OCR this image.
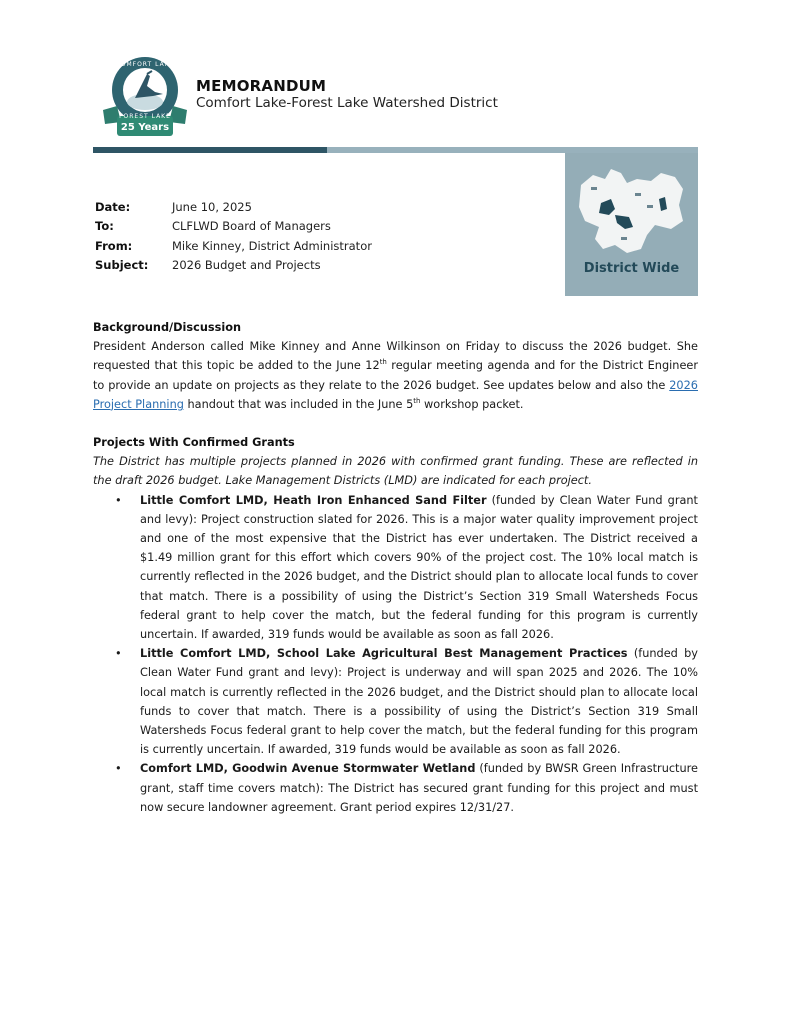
25 Years
COMFORT LAKE
FOREST LAKE
MEMORANDUM
Comfort Lake-Forest Lake Watershed District
District Wide
Date:	June 10, 2025
To:	CLFLWD Board of Managers
From:	Mike Kinney, District Administrator
Subject:	2026 Budget and Projects
Background/Discussion
President Anderson called Mike Kinney and Anne Wilkinson on Friday to discuss the 2026 budget. She requested that this topic be added to the June 12th regular meeting agenda and for the District Engineer to provide an update on projects as they relate to the 2026 budget. See updates below and also the 2026 Project Planning handout that was included in the June 5th workshop packet.
Projects With Confirmed Grants
The District has multiple projects planned in 2026 with confirmed grant funding. These are reflected in the draft 2026 budget. Lake Management Districts (LMD) are indicated for each project.
• Little Comfort LMD, Heath Iron Enhanced Sand Filter (funded by Clean Water Fund grant and levy): Project construction slated for 2026. This is a major water quality improvement project and one of the most expensive that the District has ever undertaken. The District received a $1.49 million grant for this effort which covers 90% of the project cost. The 10% local match is currently reflected in the 2026 budget, and the District should plan to allocate local funds to cover that match. There is a possibility of using the District’s Section 319 Small Watersheds Focus federal grant to help cover the match, but the federal funding for this program is currently uncertain. If awarded, 319 funds would be available as soon as fall 2026.
• Little Comfort LMD, School Lake Agricultural Best Management Practices (funded by Clean Water Fund grant and levy): Project is underway and will span 2025 and 2026. The 10% local match is currently reflected in the 2026 budget, and the District should plan to allocate local funds to cover that match. There is a possibility of using the District’s Section 319 Small Watersheds Focus federal grant to help cover the match, but the federal funding for this program is currently uncertain. If awarded, 319 funds would be available as soon as fall 2026.
• Comfort LMD, Goodwin Avenue Stormwater Wetland (funded by BWSR Green Infrastructure grant, staff time covers match): The District has secured grant funding for this project and must now secure landowner agreement. Grant period expires 12/31/27.
